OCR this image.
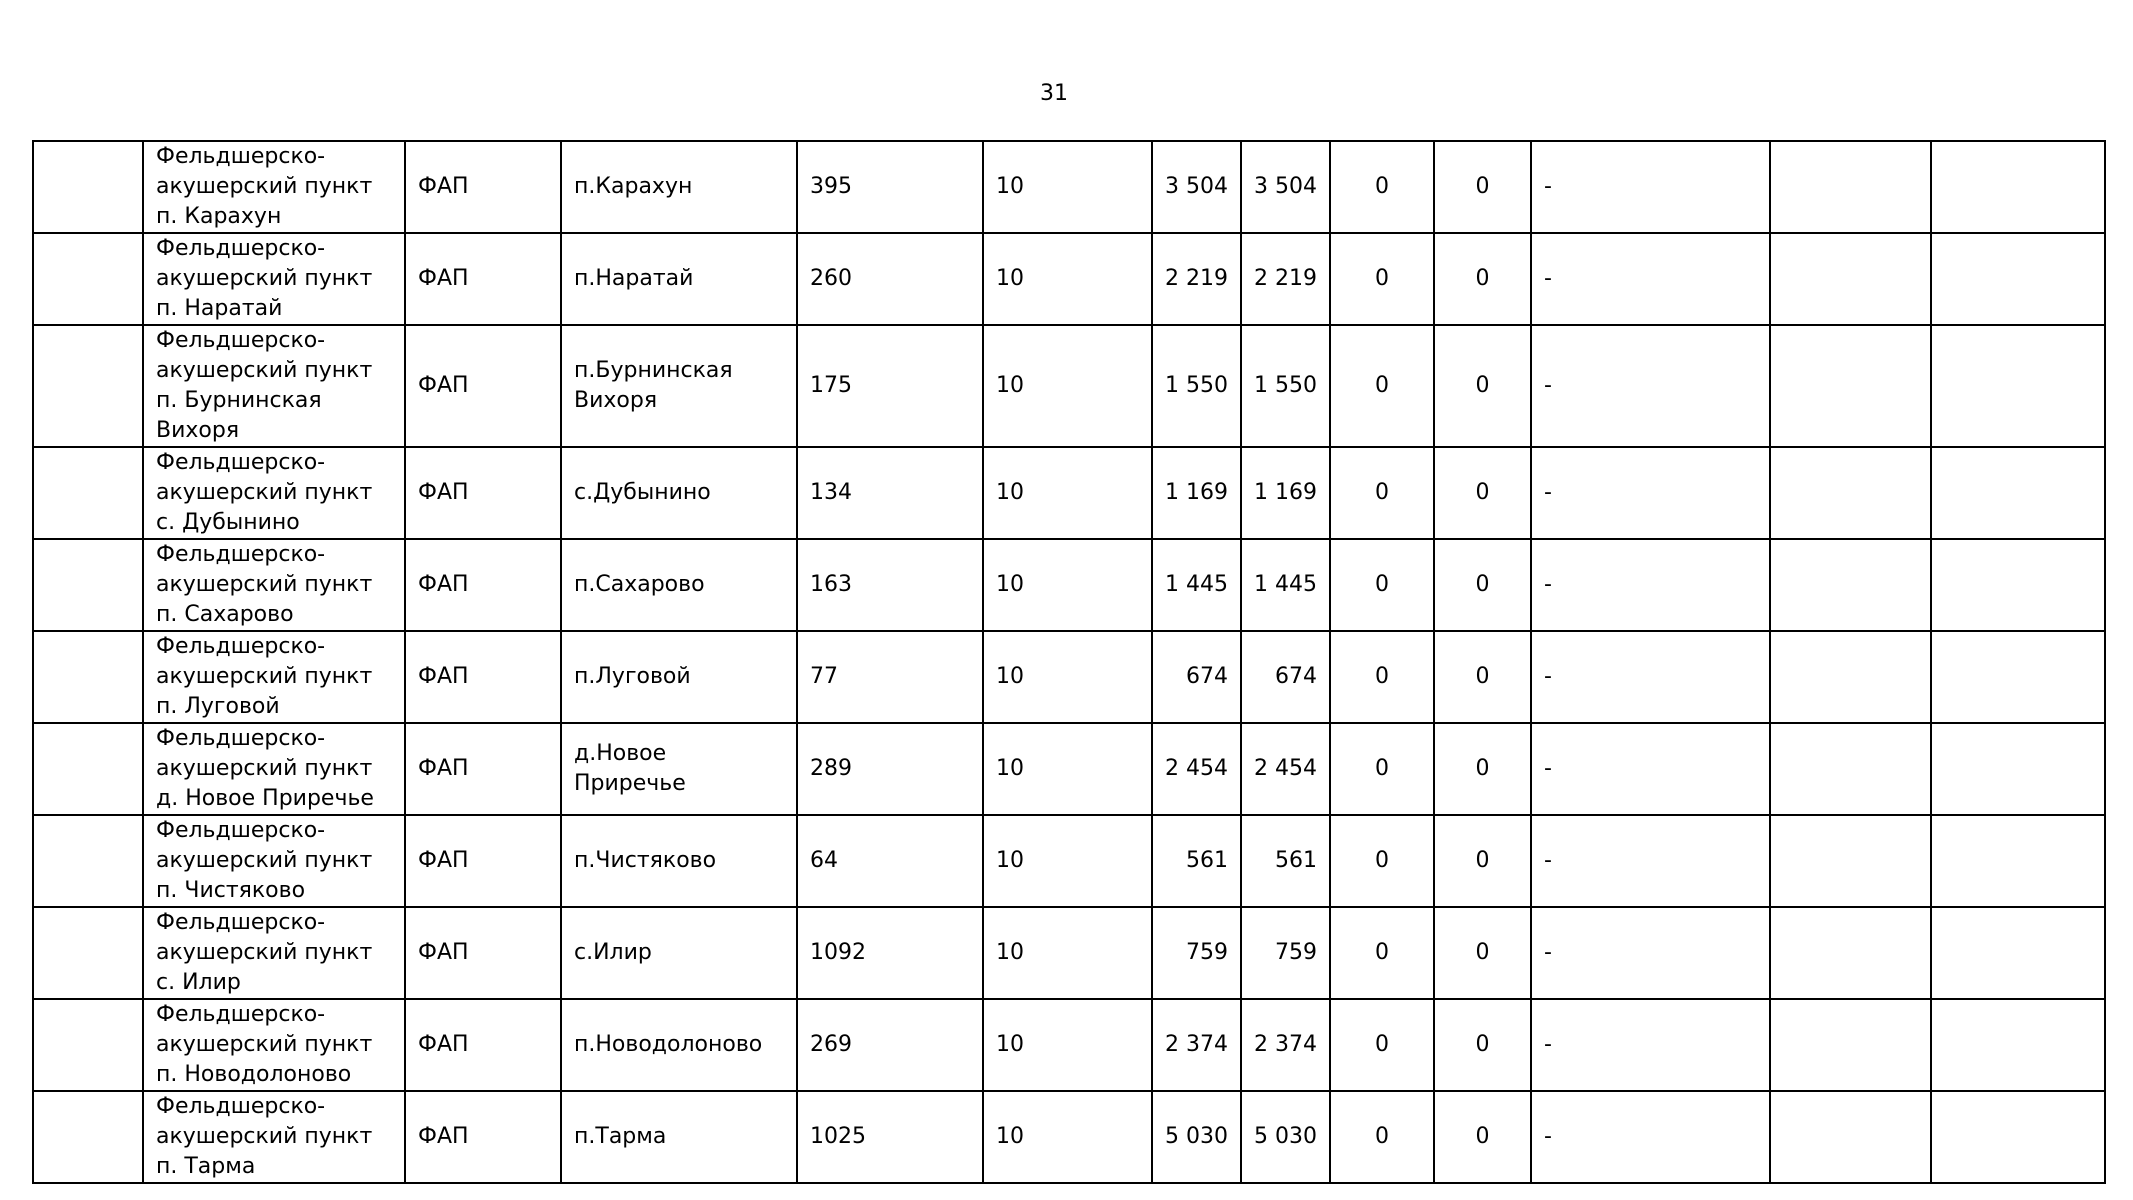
31
	Фельдшерско-акушерский пункт п. Карахун	ФАП	п.Карахун	395	10	3 504	3 504	0	0	-		
	Фельдшерско-акушерский пункт п. Наратай	ФАП	п.Наратай	260	10	2 219	2 219	0	0	-		
	Фельдшерско-акушерский пункт п. Бурнинская Вихоря	ФАП	п.Бурнинская Вихоря	175	10	1 550	1 550	0	0	-		
	Фельдшерско-акушерский пункт с. Дубынино	ФАП	с.Дубынино	134	10	1 169	1 169	0	0	-		
	Фельдшерско-акушерский пункт п. Сахарово	ФАП	п.Сахарово	163	10	1 445	1 445	0	0	-		
	Фельдшерско-акушерский пункт п. Луговой	ФАП	п.Луговой	77	10	674	674	0	0	-		
	Фельдшерско-акушерский пункт д. Новое Приречье	ФАП	д.Новое Приречье	289	10	2 454	2 454	0	0	-		
	Фельдшерско-акушерский пункт п. Чистяково	ФАП	п.Чистяково	64	10	561	561	0	0	-		
	Фельдшерско-акушерский пункт с. Илир	ФАП	с.Илир	1092	10	759	759	0	0	-		
	Фельдшерско-акушерский пункт п. Новодолоново	ФАП	п.Новодолоново	269	10	2 374	2 374	0	0	-		
	Фельдшерско-акушерский пункт п. Тарма	ФАП	п.Тарма	1025	10	5 030	5 030	0	0	-		
